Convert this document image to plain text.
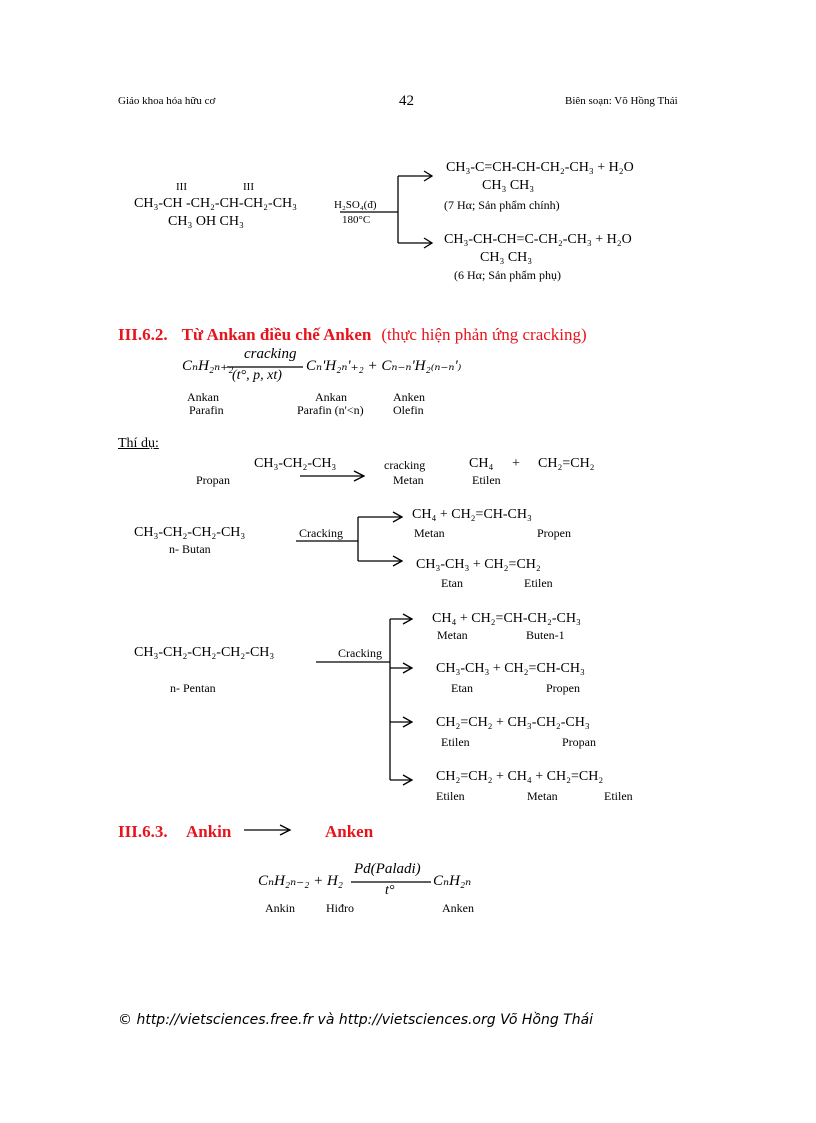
Giáo khoa hóa hữu cơ	42	Biên soạn: Võ Hồng Thái
III	III
CH₃-CH -CH₂-CH-CH₂-CH₃
CH₃ OH CH₃
H₂SO₄(đ)
180°C
CH₃-C=CH-CH-CH₂-CH₃ + H₂O
CH₃ CH₃
(7 Hα; Sản phẩm chính)
CH₃-CH-CH=C-CH₂-CH₃ + H₂O
CH₃ CH₃
(6 Hα; Sản phẩm phụ)
III.6.2. Từ Ankan điều chế Anken (thực hiện phản ứng cracking)
CₙH₂ₙ₊₂
cracking
(t°, p, xt)
Cₙ'H₂ₙ'₊₂ + Cₙ₋ₙ'H₂₍ₙ₋ₙ'₎
Ankan	Ankan	Anken
Parafin	Parafin (n'<n) Olefin
Thí dụ:
CH₃-CH₂-CH₃
Propan
cracking	CH₄ + CH₂=CH₂
Metan	Etilen
CH₃-CH₂-CH₂-CH₃
n- Butan
Cracking
CH₄ + CH₂=CH-CH₃
Metan	Propen
CH₃-CH₃ + CH₂=CH₂
Etan	Etilen
CH₃-CH₂-CH₂-CH₂-CH₃
n- Pentan
Cracking
CH₄ + CH₂=CH-CH₂-CH₃
Metan	Buten-1
CH₃-CH₃ + CH₂=CH-CH₃
Etan	Propen
CH₂=CH₂ + CH₃-CH₂-CH₃
Etilen	Propan
CH₂=CH₂ + CH₄ + CH₂=CH₂
Etilen	Metan	Etilen
III.6.3.	Anken
Ankin
CₙH₂ₙ₋₂ + H₂
Pd(Paladi)
t°
CₙH₂ₙ
Ankin	Hiđro	Anken
© http://vietsciences.free.fr và http://vietsciences.org Võ Hồng Thái
